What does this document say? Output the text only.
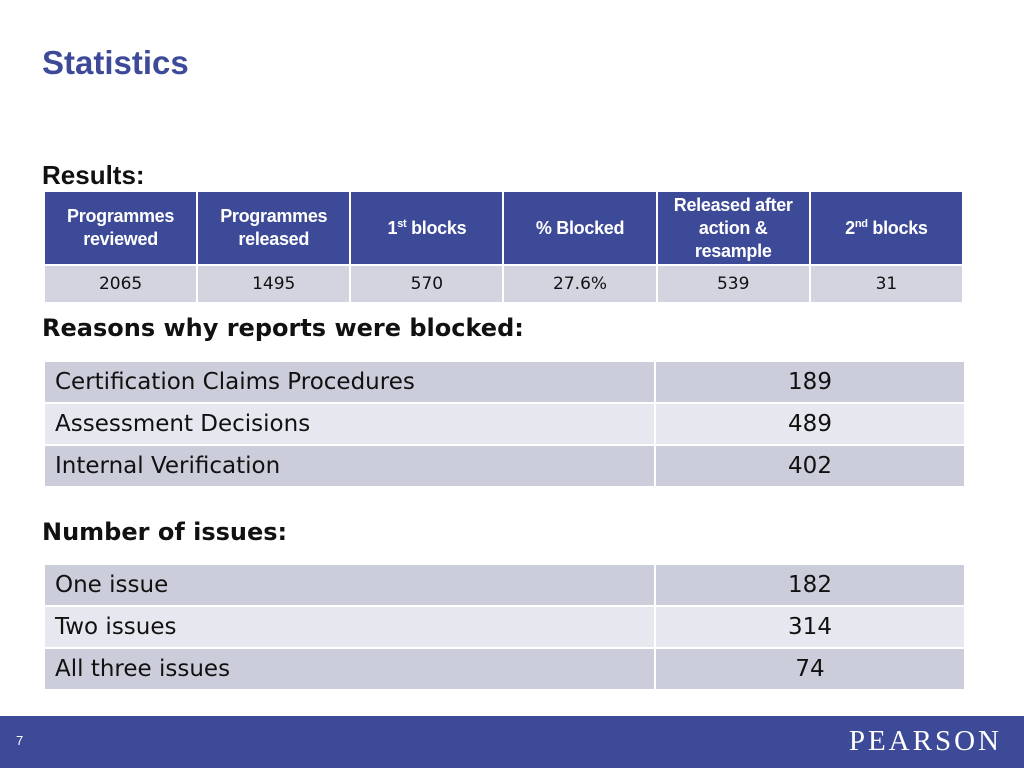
Statistics
Results:
Programmes reviewed	Programmes released	1st blocks	% Blocked	Released after action & resample	2nd blocks
2065	1495	570	27.6%	539	31
Reasons why reports were blocked:
Certification Claims Procedures	189
Assessment Decisions	489
Internal Verification	402
Number of issues:
One issue	182
Two issues	314
All three issues	74
7	PEARSON
